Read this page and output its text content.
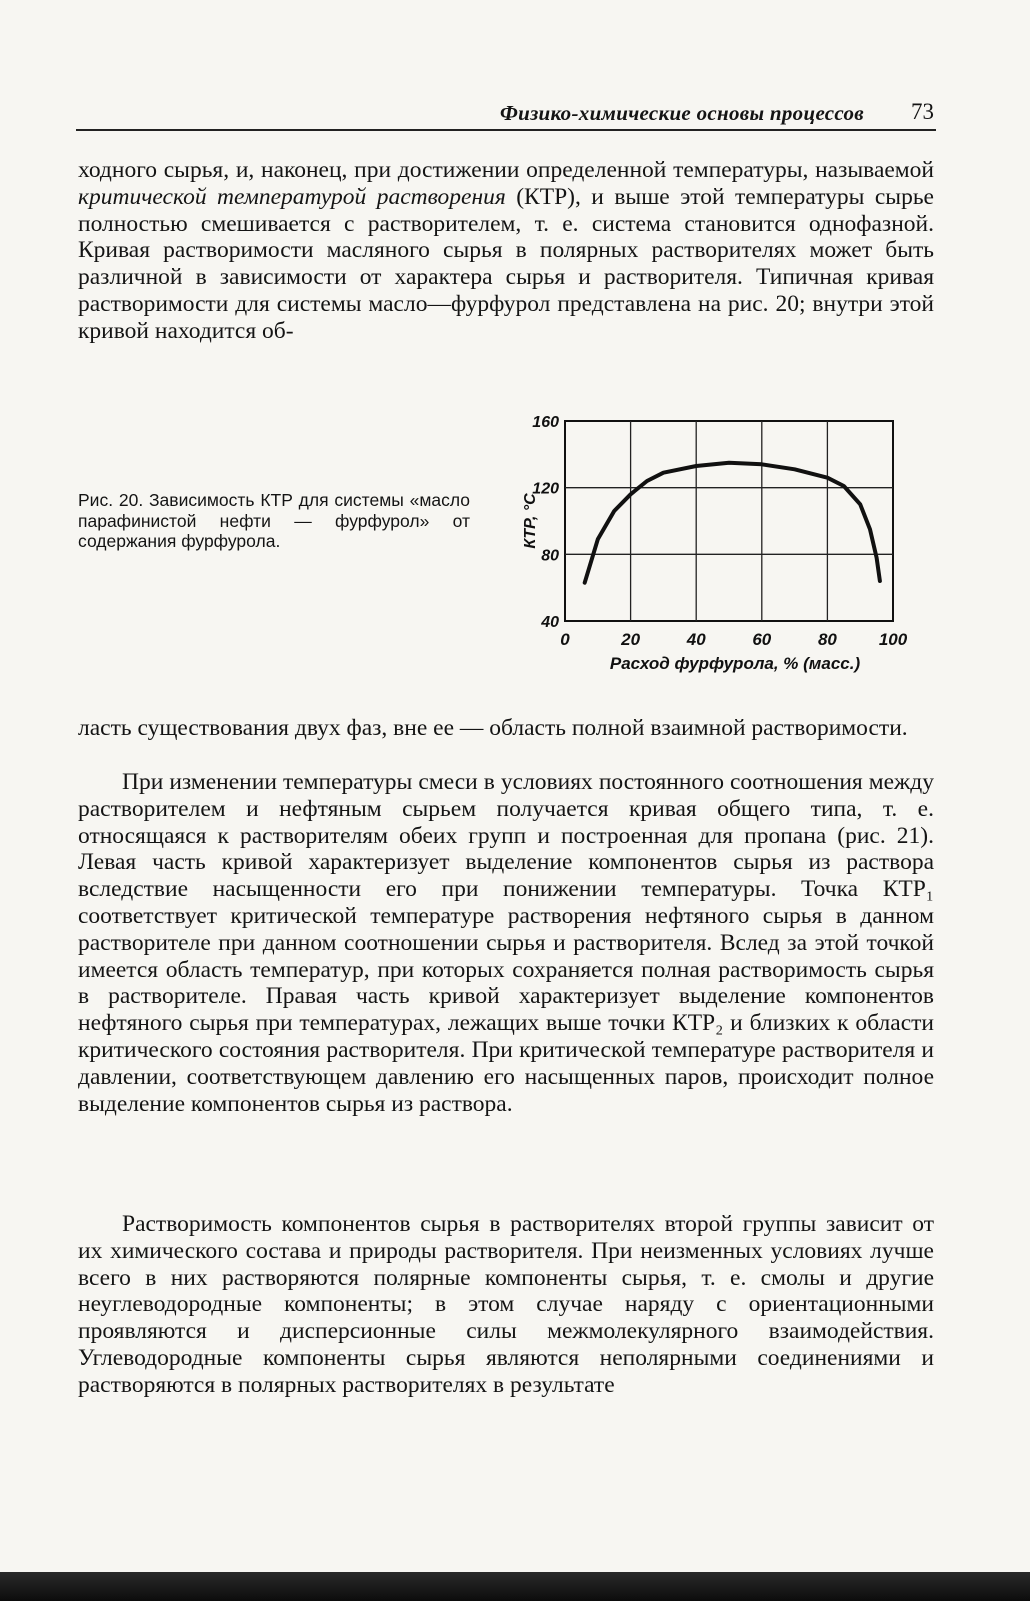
Физико-химические основы процессов 73

ходного сырья, и, наконец, при достижении определенной температуры, называемой критической температурой растворения (КТР), и выше этой температуры сырье полностью смешивается с растворителем, т. е. система становится однофазной. Кривая растворимости масляного сырья в полярных растворителях может быть различной в зависимости от характера сырья и растворителя. Типичная кривая растворимости для системы масло—фурфурол представлена на рис. 20; внутри этой кривой находится об-

Рис. 20. Зависимость КТР для системы «масло парафинистой нефти — фурфурол» от содержания фурфурола.

0	20	40	60	80 100
40
80
120
160
Расход фурфурола, % (масс.)
КТР, °С

ласть существования двух фаз, вне ее — область полной взаимной растворимости.

При изменении температуры смеси в условиях постоянного соотношения между растворителем и нефтяным сырьем получается кривая общего типа, т. е. относящаяся к растворителям обеих групп и построенная для пропана (рис. 21). Левая часть кривой характеризует выделение компонентов сырья из раствора вследствие насыщенности его при понижении температуры. Точка КТР₁ соответствует критической температуре растворения нефтяного сырья в данном растворителе при данном соотношении сырья и растворителя. Вслед за этой точкой имеется область температур, при которых сохраняется полная растворимость сырья в растворителе. Правая часть кривой характеризует выделение компонентов нефтяного сырья при температурах, лежащих выше точки КТР₂ и близких к области критического состояния растворителя. При критической температуре растворителя и давлении, соответствующем давлению его насыщенных паров, происходит полное выделение компонентов сырья из раствора.

Растворимость компонентов сырья в растворителях второй группы зависит от их химического состава и природы растворителя. При неизменных условиях лучше всего в них растворяются полярные компоненты сырья, т. е. смолы и другие неуглеводородные компоненты; в этом случае наряду с ориентационными проявляются и дисперсионные силы межмолекулярного взаимодействия. Углеводородные компоненты сырья являются неполярными соединениями и растворяются в полярных растворителях в результате
